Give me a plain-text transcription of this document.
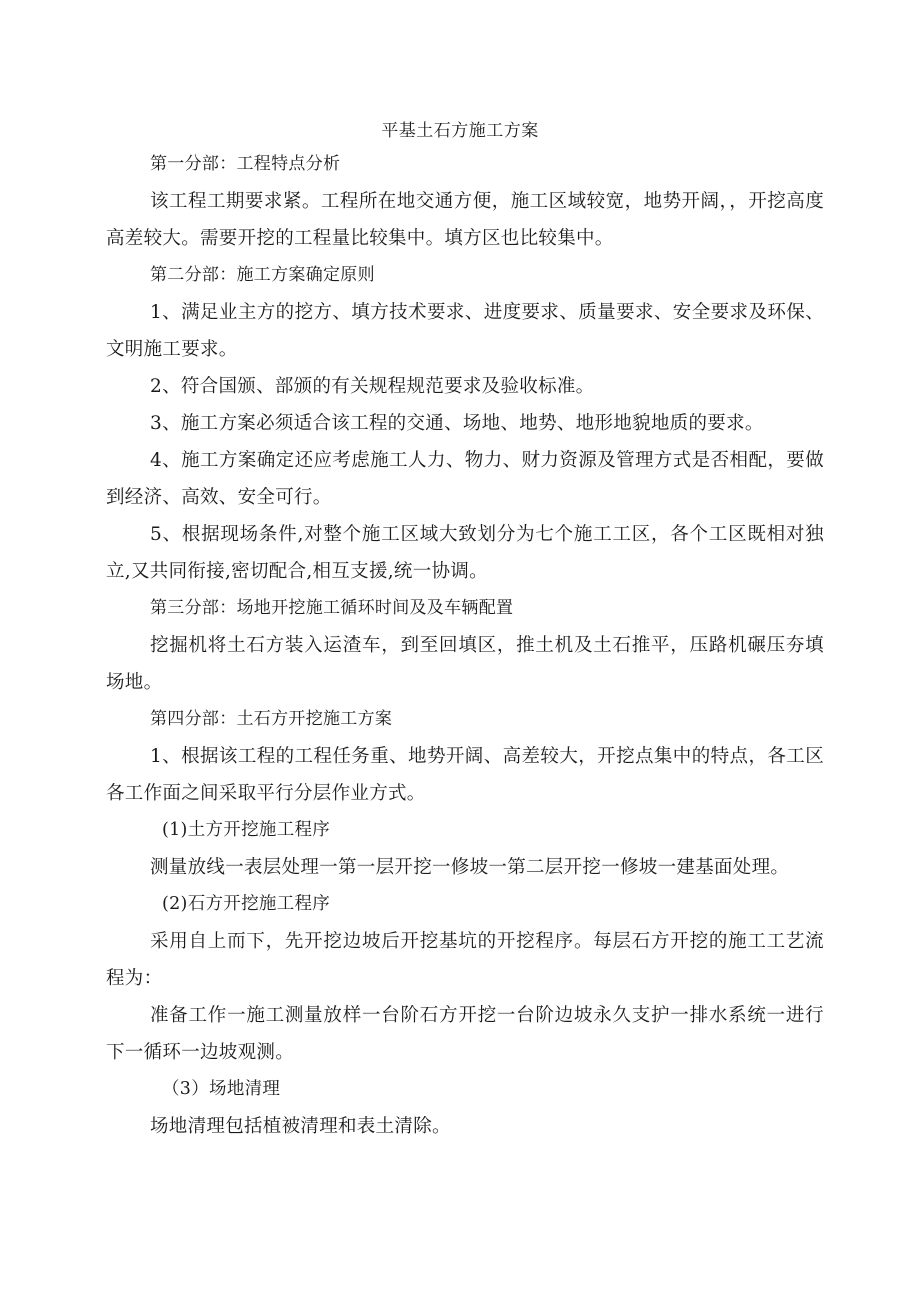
平基土石方施工方案

第一分部：工程特点分析

该工程工期要求紧。工程所在地交通方便，施工区域较宽，地势开阔，，开挖高度高差较大。需要开挖的工程量比较集中。填方区也比较集中。

第二分部：施工方案确定原则

1、满足业主方的挖方、填方技术要求、进度要求、质量要求、安全要求及环保、文明施工要求。

2、符合国颁、部颁的有关规程规范要求及验收标准。

3、施工方案必须适合该工程的交通、场地、地势、地形地貌地质的要求。

4、施工方案确定还应考虑施工人力、物力、财力资源及管理方式是否相配，要做到经济、高效、安全可行。

5、根据现场条件,对整个施工区域大致划分为七个施工工区，各个工区既相对独立,又共同衔接,密切配合,相互支援,统一协调。

第三分部：场地开挖施工循环时间及及车辆配置

挖掘机将土石方装入运渣车，到至回填区，推土机及土石推平，压路机碾压夯填场地。

第四分部：土石方开挖施工方案

1、根据该工程的工程任务重、地势开阔、高差较大，开挖点集中的特点，各工区各工作面之间采取平行分层作业方式。

(1)土方开挖施工程序

测量放线一表层处理一第一层开挖一修坡一第二层开挖一修坡一建基面处理。

(2)石方开挖施工程序

采用自上而下，先开挖边坡后开挖基坑的开挖程序。每层石方开挖的施工工艺流程为：

准备工作一施工测量放样一台阶石方开挖一台阶边坡永久支护一排水系统一进行下一循环一边坡观测。

（3）场地清理

场地清理包括植被清理和表土清除。
